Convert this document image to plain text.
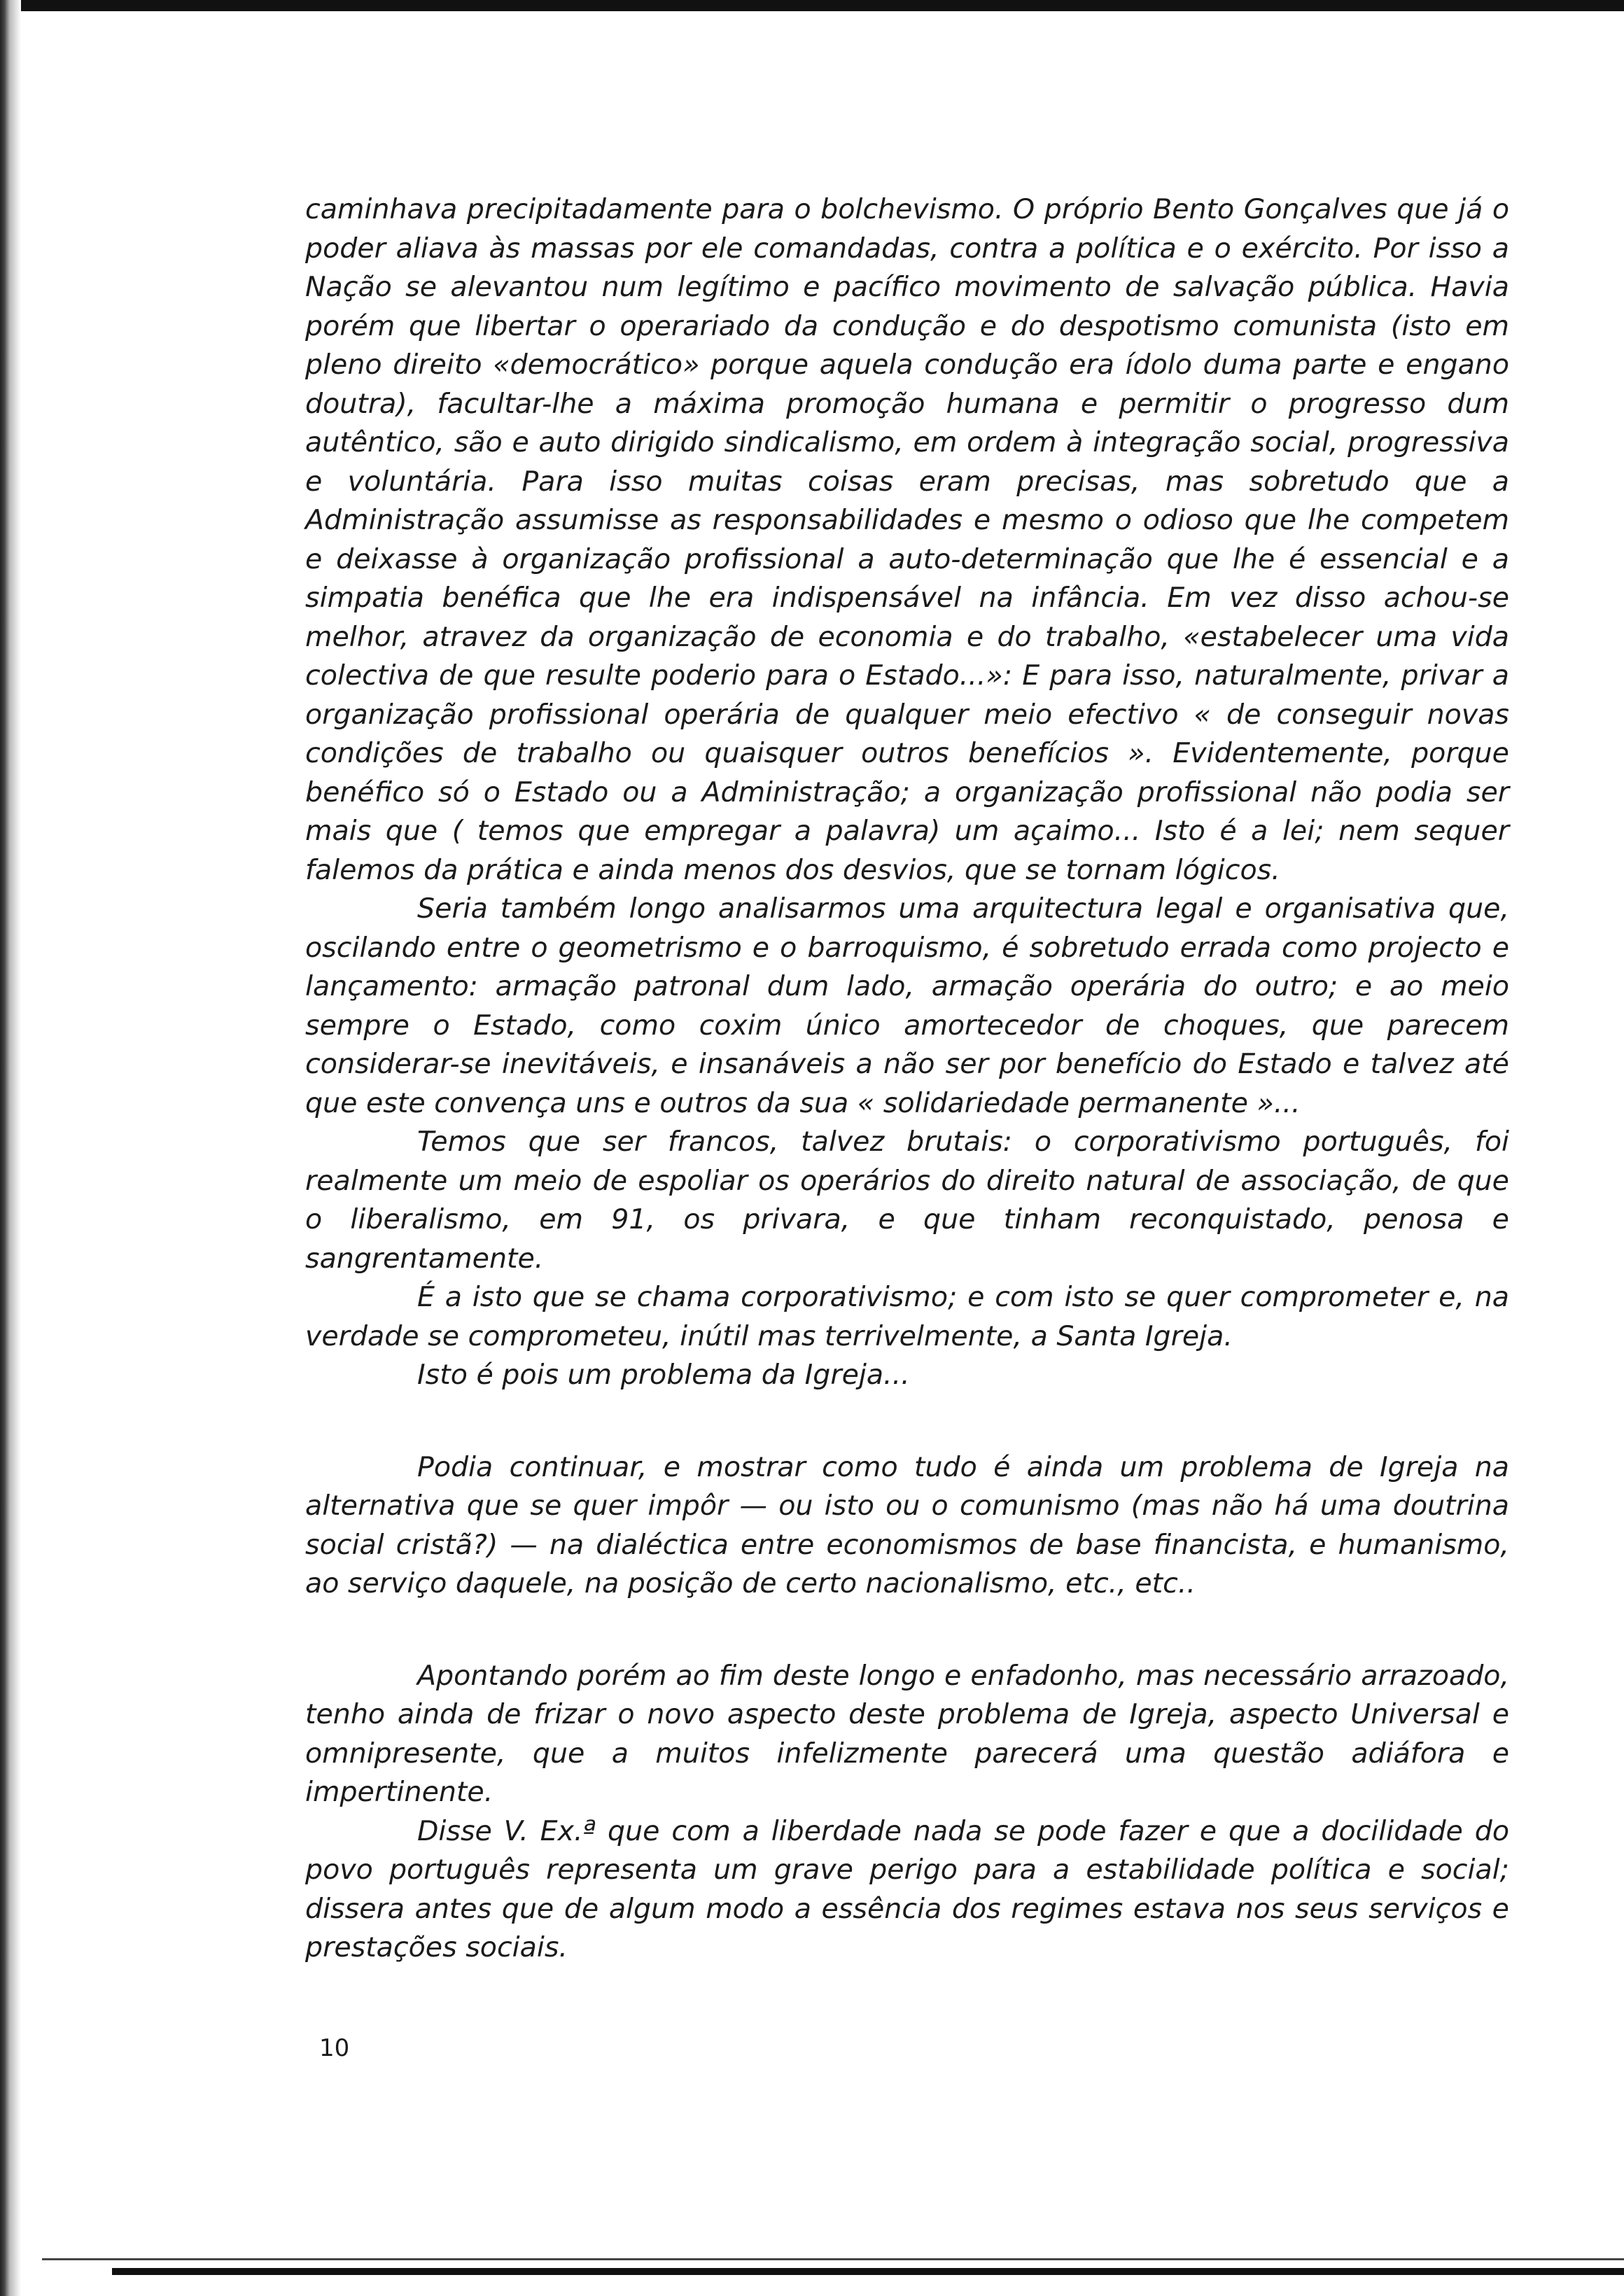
caminhava precipitadamente para o bolchevismo. O próprio Bento Gonçalves que já o poder aliava às massas por ele comandadas, contra a política e o exército. Por isso a Nação se alevantou num legítimo e pacífico movimento de salvação pública. Havia porém que libertar o operariado da condução e do despotismo comunista (isto em pleno direito «democrático» porque aquela condução era ídolo duma parte e engano doutra), facultar-lhe a máxima promoção humana e permitir o progresso dum autêntico, são e auto dirigido sindicalismo, em ordem à integração social, progressiva e voluntária. Para isso muitas coisas eram precisas, mas sobretudo que a Administração assumisse as responsabilidades e mesmo o odioso que lhe competem e deixasse à organização profissional a auto-determinação que lhe é essencial e a simpatia benéfica que lhe era indispensável na infância. Em vez disso achou-se melhor, atravez da organização de economia e do trabalho, «estabelecer uma vida colectiva de que resulte poderio para o Estado...»: E para isso, naturalmente, privar a organização profissional operária de qualquer meio efectivo « de conseguir novas condições de trabalho ou quaisquer outros benefícios ». Evidentemente, porque benéfico só o Estado ou a Administração; a organização profissional não podia ser mais que ( temos que empregar a palavra) um açaimo... Isto é a lei; nem sequer falemos da prática e ainda menos dos desvios, que se tornam lógicos.

Seria também longo analisarmos uma arquitectura legal e organisativa que, oscilando entre o geometrismo e o barroquismo, é sobretudo errada como projecto e lançamento: armação patronal dum lado, armação operária do outro; e ao meio sempre o Estado, como coxim único amortecedor de choques, que parecem considerar-se inevitáveis, e insanáveis a não ser por benefício do Estado e talvez até que este convença uns e outros da sua « solidariedade permanente »...

Temos que ser francos, talvez brutais: o corporativismo português, foi realmente um meio de espoliar os operários do direito natural de associação, de que o liberalismo, em 91, os privara, e que tinham reconquistado, penosa e sangrentamente.

É a isto que se chama corporativismo; e com isto se quer comprometer e, na verdade se comprometeu, inútil mas terrivelmente, a Santa Igreja.

Isto é pois um problema da Igreja...

Podia continuar, e mostrar como tudo é ainda um problema de Igreja na alternativa que se quer impôr — ou isto ou o comunismo (mas não há uma doutrina social cristã?) — na dialéctica entre economismos de base financista, e humanismo, ao serviço daquele, na posição de certo nacionalismo, etc., etc..

Apontando porém ao fim deste longo e enfadonho, mas necessário arrazoado, tenho ainda de frizar o novo aspecto deste problema de Igreja, aspecto Universal e omnipresente, que a muitos infelizmente parecerá uma questão adiáfora e impertinente.

Disse V. Ex.ª que com a liberdade nada se pode fazer e que a docilidade do povo português representa um grave perigo para a estabilidade política e social; dissera antes que de algum modo a essência dos regimes estava nos seus serviços e prestações sociais.

10
